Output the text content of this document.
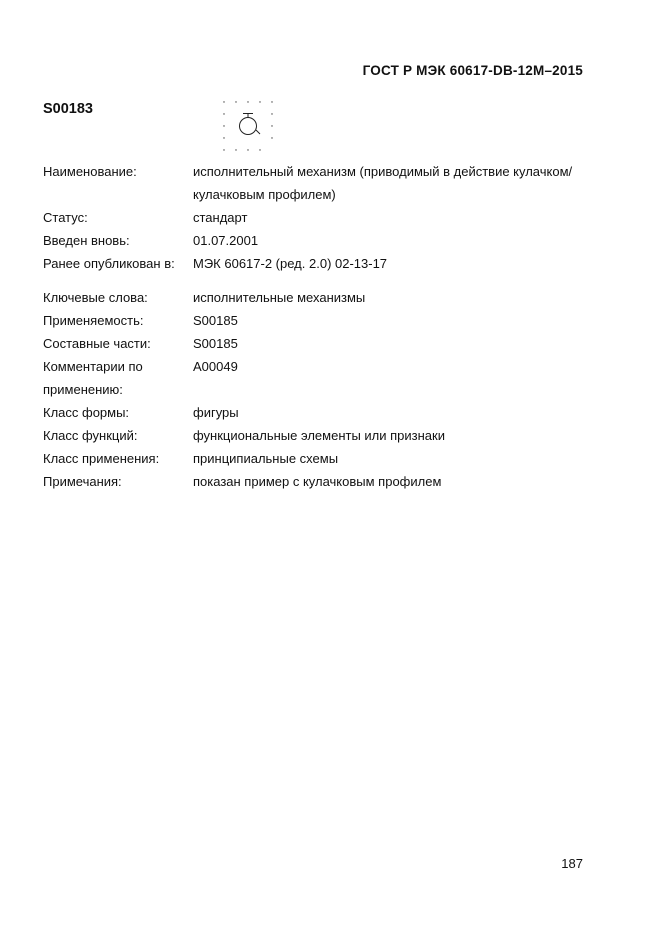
ГОСТ Р МЭК 60617-DB-12M–2015
S00183
Наименование:	исполнительный механизм (приводимый в действие кулачком/кулачковым профилем)
Статус:	стандарт
Введен вновь:	01.07.2001
Ранее опубликован в:	МЭК 60617-2 (ред. 2.0) 02-13-17
Ключевые слова:	исполнительные механизмы
Применяемость:	S00185
Составные части:	S00185
Комментарии по применению:
A00049
Класс формы:	фигуры
Класс функций:	функциональные элементы или признаки
Класс применения:	принципиальные схемы
Примечания:	показан пример с кулачковым профилем
187
